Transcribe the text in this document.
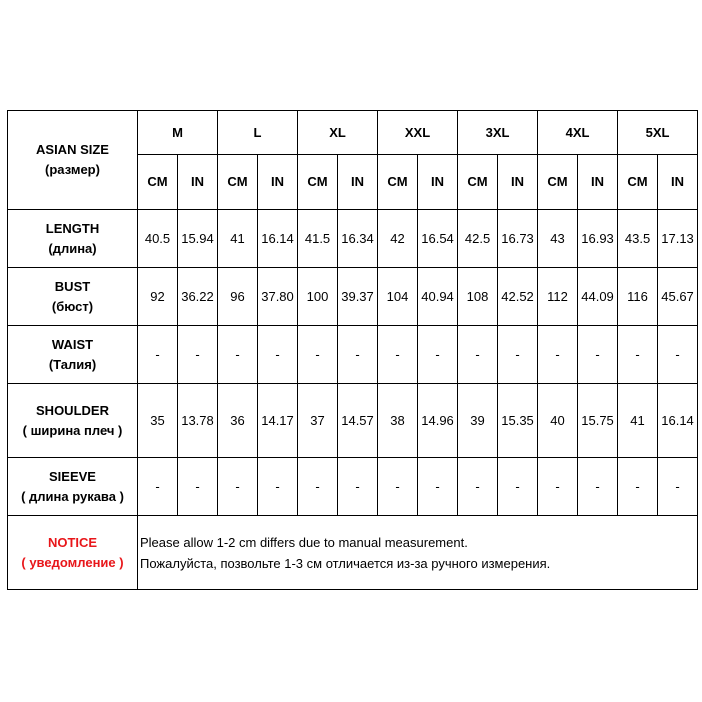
ASIAN SIZE
(размер)	M		L		XL		XXL		3XL		4XL		5XL	
	CM	IN	CM	IN	CM	IN	CM	IN	CM	IN	CM	IN	CM	IN

LENGTH
(длина)	40.5	15.94	41	16.14	41.5	16.34	42	16.54	42.5	16.73	43	16.93	43.5	17.13

BUST
(бюст)	92	36.22	96	37.80	100	39.37	104	40.94	108	42.52	112	44.09	116	45.67

WAIST
(Талия)	-	-	-	-	-	-	-	-	-	-	-	-	-	-

SHOULDER
( ширина плеч )	35	13.78	36	14.17	37	14.57	38	14.96	39	15.35	40	15.75	41	16.14

SIEEVE
( длина рукава )	-	-	-	-	-	-	-	-	-	-	-	-	-	-

NOTICE
( уведомление )	Please allow 1-2 cm differs due to manual measurement.
Пожалуйста, позвольте 1-3 см отличается из-за ручного измерения.													
